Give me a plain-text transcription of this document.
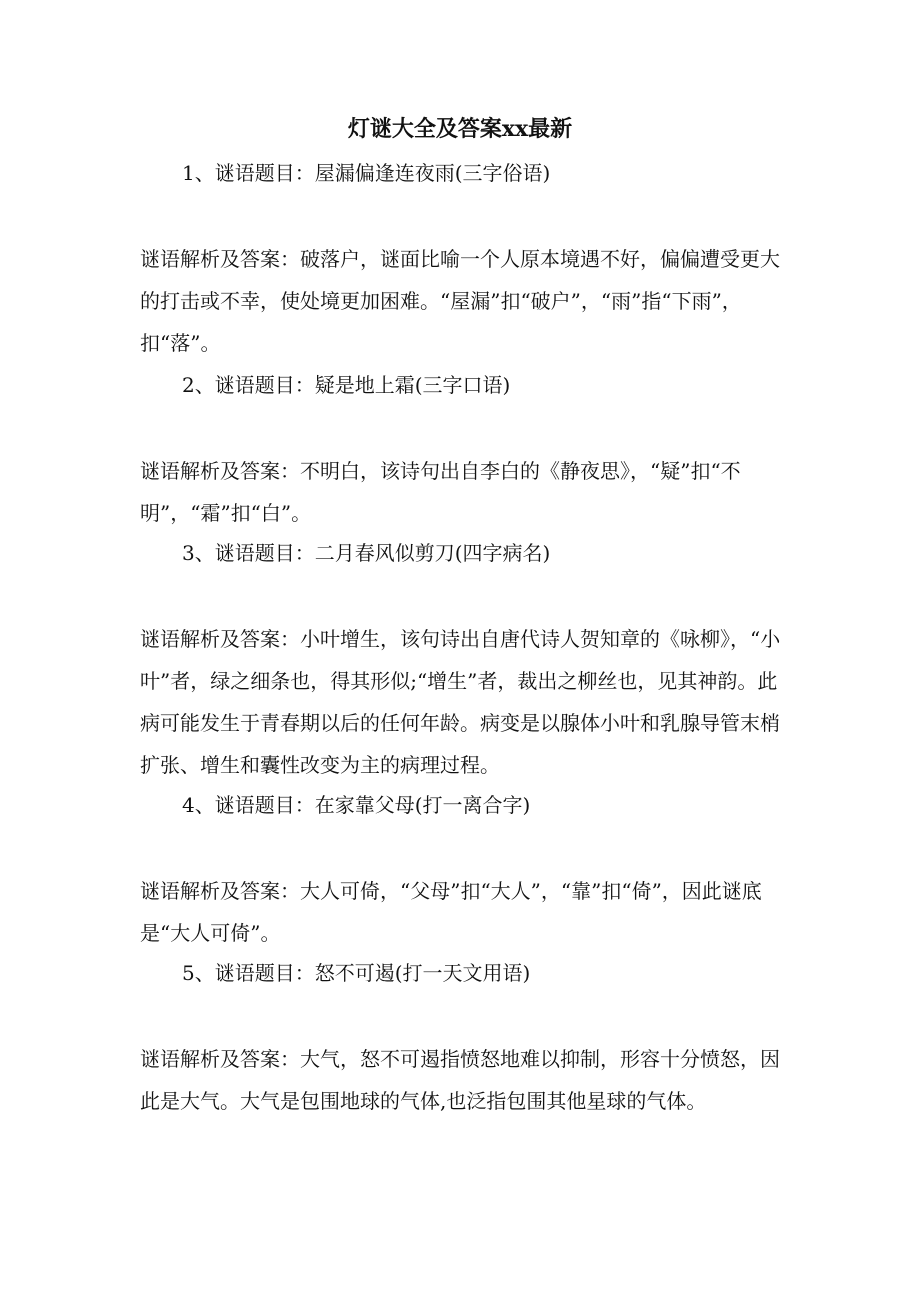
灯谜大全及答案xx最新

1、谜语题目：屋漏偏逢连夜雨(三字俗语)

谜语解析及答案：破落户，谜面比喻一个人原本境遇不好，偏偏遭受更大的打击或不幸，使处境更加困难。“屋漏”扣“破户”，“雨”指“下雨”，扣“落”。

2、谜语题目：疑是地上霜(三字口语)

谜语解析及答案：不明白，该诗句出自李白的《静夜思》，“疑”扣“不明”，“霜”扣“白”。

3、谜语题目：二月春风似剪刀(四字病名)

谜语解析及答案：小叶增生，该句诗出自唐代诗人贺知章的《咏柳》，“小叶”者，绿之细条也，得其形似;“增生”者，裁出之柳丝也，见其神韵。此病可能发生于青春期以后的任何年龄。病变是以腺体小叶和乳腺导管末梢扩张、增生和囊性改变为主的病理过程。

4、谜语题目：在家靠父母(打一离合字)

谜语解析及答案：大人可倚，“父母”扣“大人”，“靠”扣“倚”，因此谜底是“大人可倚”。

5、谜语题目：怒不可遏(打一天文用语)

谜语解析及答案：大气，怒不可遏指愤怒地难以抑制，形容十分愤怒，因此是大气。大气是包围地球的气体,也泛指包围其他星球的气体。
